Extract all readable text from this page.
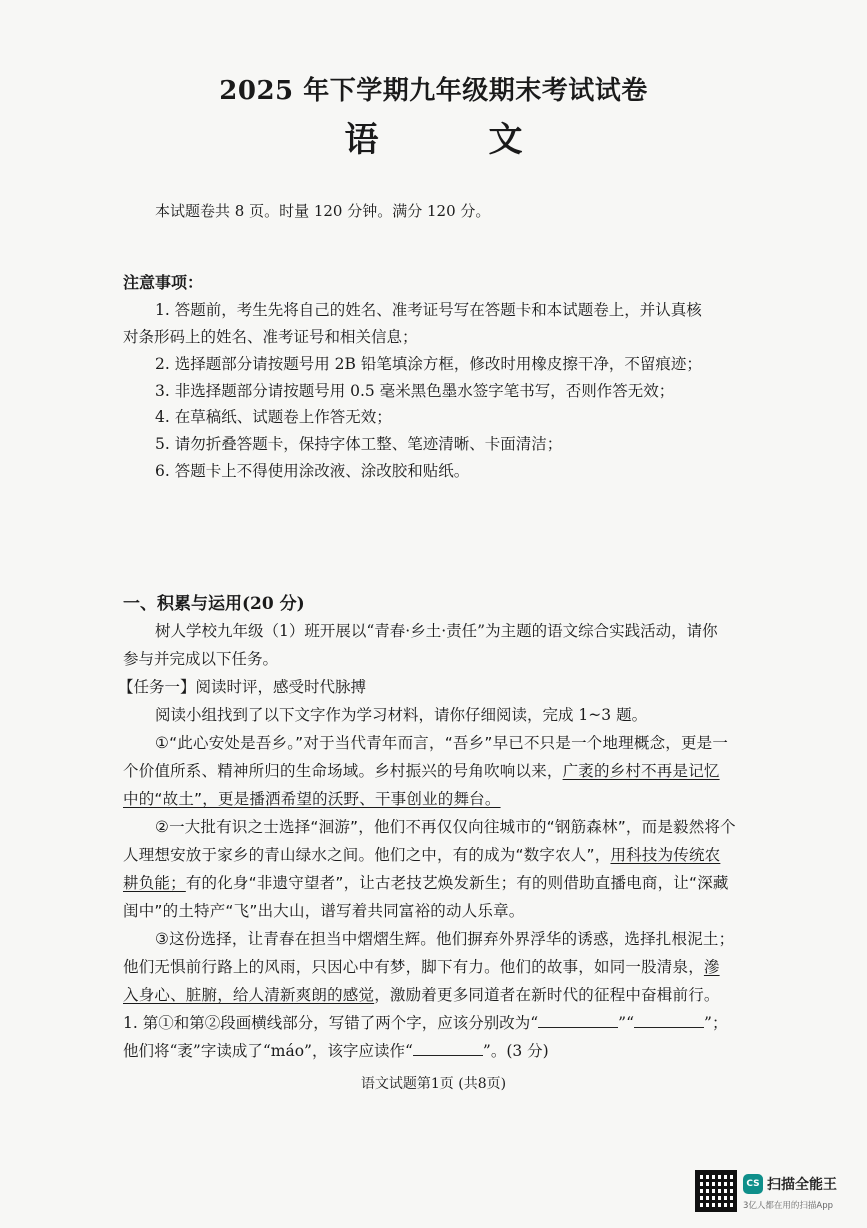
2025 年下学期九年级期末考试试卷
语	文
本试题卷共 8 页。时量 120 分钟。满分 120 分。
注意事项：
1. 答题前，考生先将自己的姓名、准考证号写在答题卡和本试题卷上，并认真核
对条形码上的姓名、准考证号和相关信息；
2. 选择题部分请按题号用 2B 铅笔填涂方框，修改时用橡皮擦干净，不留痕迹；
3. 非选择题部分请按题号用 0.5 毫米黑色墨水签字笔书写，否则作答无效；
4. 在草稿纸、试题卷上作答无效；
5. 请勿折叠答题卡，保持字体工整、笔迹清晰、卡面清洁；
6. 答题卡上不得使用涂改液、涂改胶和贴纸。
一、积累与运用(20 分)
树人学校九年级（1）班开展以“青春·乡土·责任”为主题的语文综合实践活动，请你
参与并完成以下任务。
【任务一】阅读时评，感受时代脉搏
阅读小组找到了以下文字作为学习材料，请你仔细阅读，完成 1~3 题。
①“此心安处是吾乡。”对于当代青年而言，“吾乡”早已不只是一个地理概念，更是一
个价值所系、精神所归的生命场域。乡村振兴的号角吹响以来，广袤的乡村不再是记忆
中的“故土”，更是播洒希望的沃野、干事创业的舞台。
②一大批有识之士选择“洄游”，他们不再仅仅向往城市的“钢筋森林”，而是毅然将个
人理想安放于家乡的青山绿水之间。他们之中，有的成为“数字农人”，用科技为传统农
耕负能；有的化身“非遗守望者”，让古老技艺焕发新生；有的则借助直播电商，让“深藏
闺中”的土特产“飞”出大山，谱写着共同富裕的动人乐章。
③这份选择，让青春在担当中熠熠生辉。他们摒弃外界浮华的诱惑，选择扎根泥土；
他们无惧前行路上的风雨，只因心中有梦，脚下有力。他们的故事，如同一股清泉，滲
入身心、脏腑，给人清新爽朗的感觉，激励着更多同道者在新时代的征程中奋楫前行。
1. 第①和第②段画横线部分，写错了两个字，应该分别改为“	”“	”；
他们将“袤”字读成了“máo”，该字应读作“	”。(3 分)
语文试题第1页 (共8页)
CS 扫描全能王
3亿人都在用的扫描App
